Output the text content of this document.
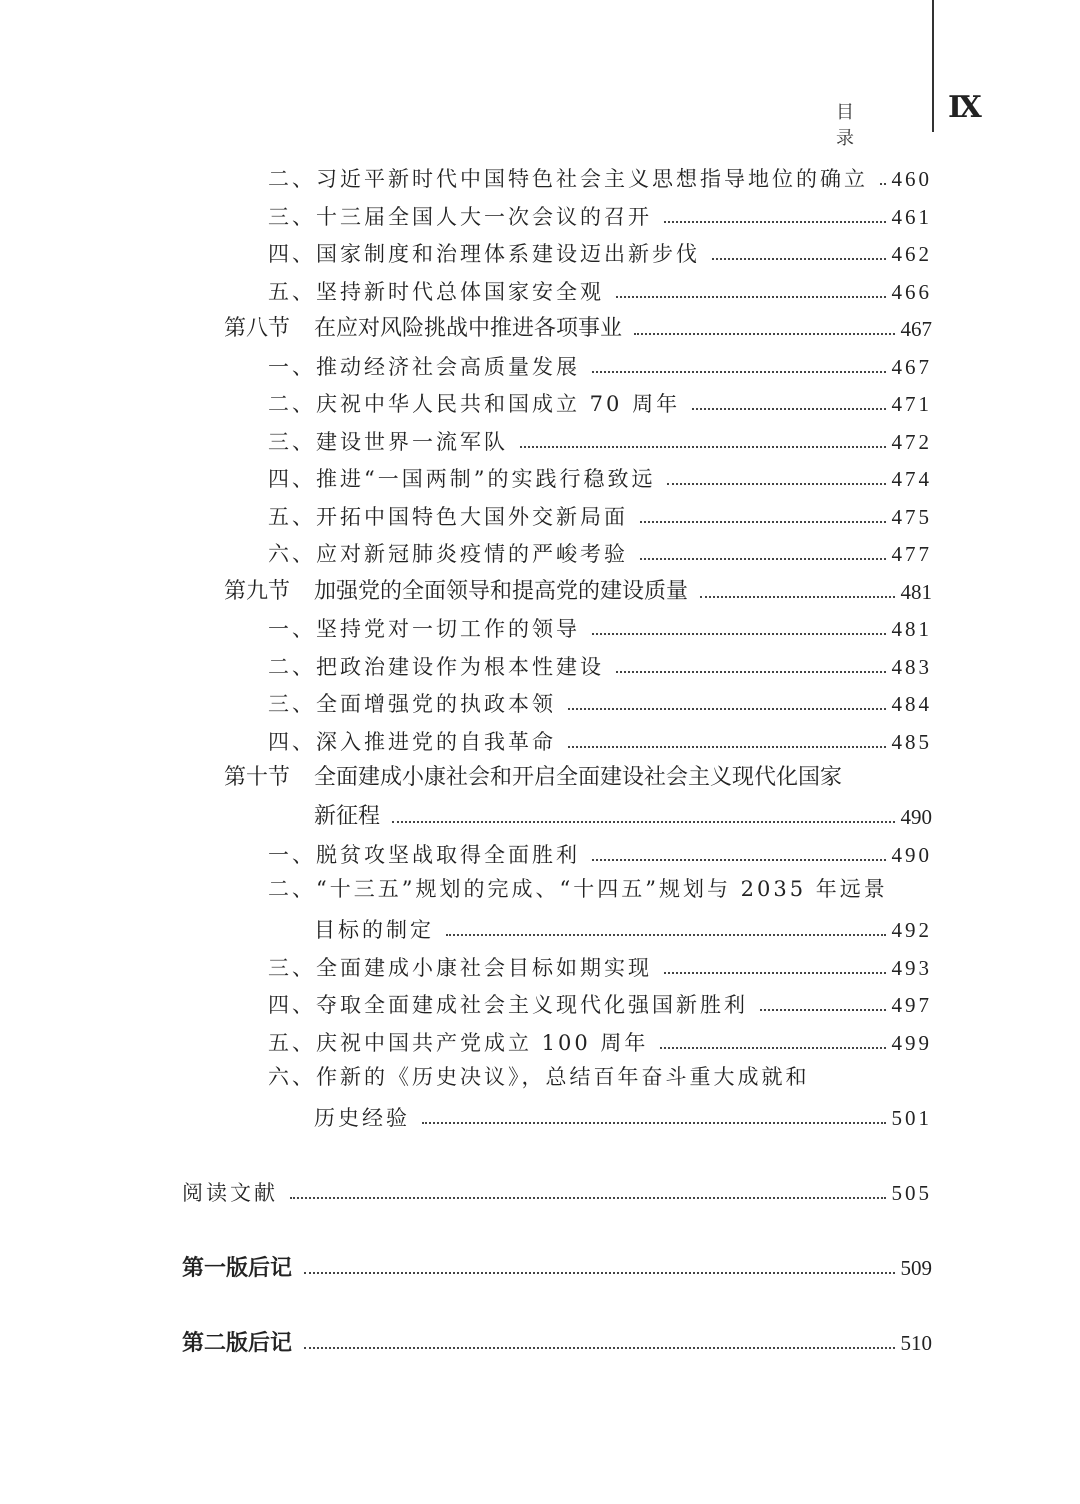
目　录
Ⅸ
二、 习近平新时代中国特色社会主义思想指导地位的确立 460
三、 十三届全国人大一次会议的召开	461
四、 国家制度和治理体系建设迈出新步伐	462
五、 坚持新时代总体国家安全观	466
第八节	在应对风险挑战中推进各项事业	467
一、 推动经济社会高质量发展	467
二、 庆祝中华人民共和国成立 70 周年	471
三、 建设世界一流军队	472
四、 推进“一国两制”的实践行稳致远	474
五、 开拓中国特色大国外交新局面	475
六、 应对新冠肺炎疫情的严峻考验	477
第九节	加强党的全面领导和提高党的建设质量	481
一、 坚持党对一切工作的领导	481
二、 把政治建设作为根本性建设	483
三、 全面增强党的执政本领	484
四、 深入推进党的自我革命	485
第十节 全面建成小康社会和开启全面建设社会主义现代化国家
新征程	490
一、 脱贫攻坚战取得全面胜利	490
二、“十三五”规划的完成、“十四五”规划与 2035 年远景
目标的制定	492
三、 全面建成小康社会目标如期实现	493
四、 夺取全面建成社会主义现代化强国新胜利	497
五、 庆祝中国共产党成立 100 周年	499
六、作新的《历史决议》，总结百年奋斗重大成就和
历史经验	501
阅读文献	505
第一版后记	509
第二版后记	510
